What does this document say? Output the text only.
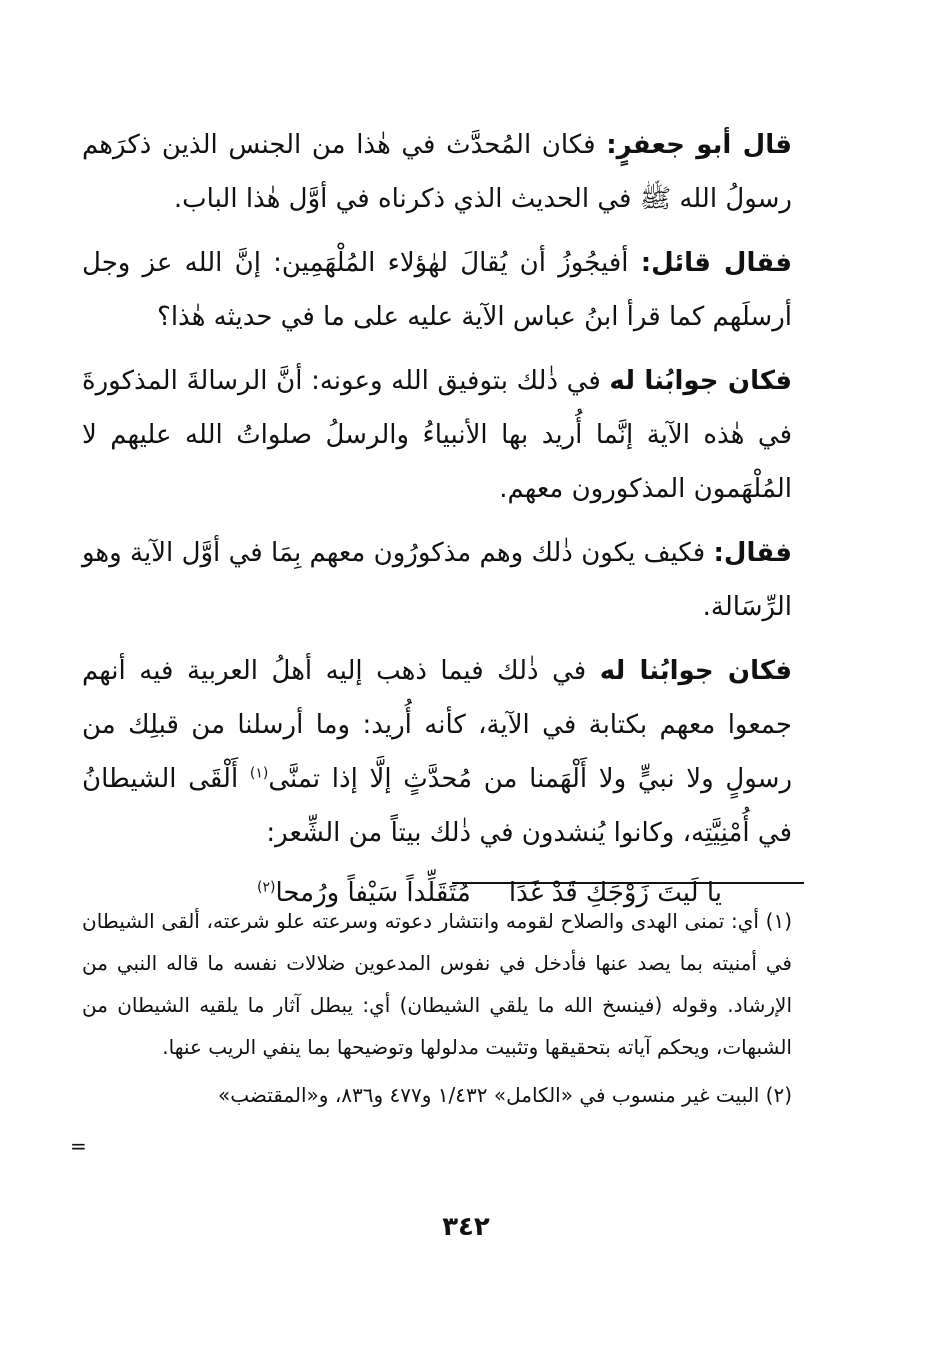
قال أبو جعفرٍ: فكان المُحدَّث في هٰذا من الجنس الذين ذكرَهم رسولُ الله ﷺ في الحديث الذي ذكرناه في أوَّل هٰذا الباب.

فقال قائل: أفيجُوزُ أن يُقالَ لهٰؤلاء المُلْهَمِين: إنَّ الله عز وجل أرسلَهم كما قرأ ابنُ عباس الآية عليه على ما في حديثه هٰذا؟

فكان جوابُنا له في ذٰلك بتوفيق الله وعونه: أنَّ الرسالةَ المذكورةَ في هٰذه الآية إنَّما أُريد بها الأنبياءُ والرسلُ صلواتُ الله عليهم لا المُلْهَمون المذكورون معهم.

فقال: فكيف يكون ذٰلك وهم مذكورُون معهم بِمَا في أوَّل الآية وهو الرِّسَالة.

فكان جوابُنا له في ذٰلك فيما ذهب إليه أهلُ العربية فيه أنهم جمعوا معهم بكتابة في الآية، كأنه أُريد: وما أرسلنا من قبلِك من رسولٍ ولا نبيٍّ ولا أَلْهَمنا من مُحدَّثٍ إلَّا إذا تمنَّى$^{(١)}$ أَلْقَى الشيطانُ في أُمْنِيَّتِه، وكانوا يُنشدون في ذٰلك بيتاً من الشِّعر:

يا لَيتَ زَوْجَكِ قَدْ غَدَا
مُتَقَلِّداً سَيْفاً ورُمحا$^{(٢)}$

(١) أي: تمنى الهدى والصلاح لقومه وانتشار دعوته وسرعته علو شرعته، ألقى الشيطان في أمنيته بما يصد عنها فأدخل في نفوس المدعوين ضلالات نفسه ما قاله النبي من الإرشاد. وقوله (فينسخ الله ما يلقي الشيطان) أي: يبطل آثار ما يلقيه الشيطان من الشبهات، ويحكم آياته بتحقيقها وتثبيت مدلولها وتوضيحها بما ينفي الريب عنها.

(٢) البيت غير منسوب في «الكامل» ١/٤٣٢ و٤٧٧ و٨٣٦، و«المقتضب»

=
٣٤٢
